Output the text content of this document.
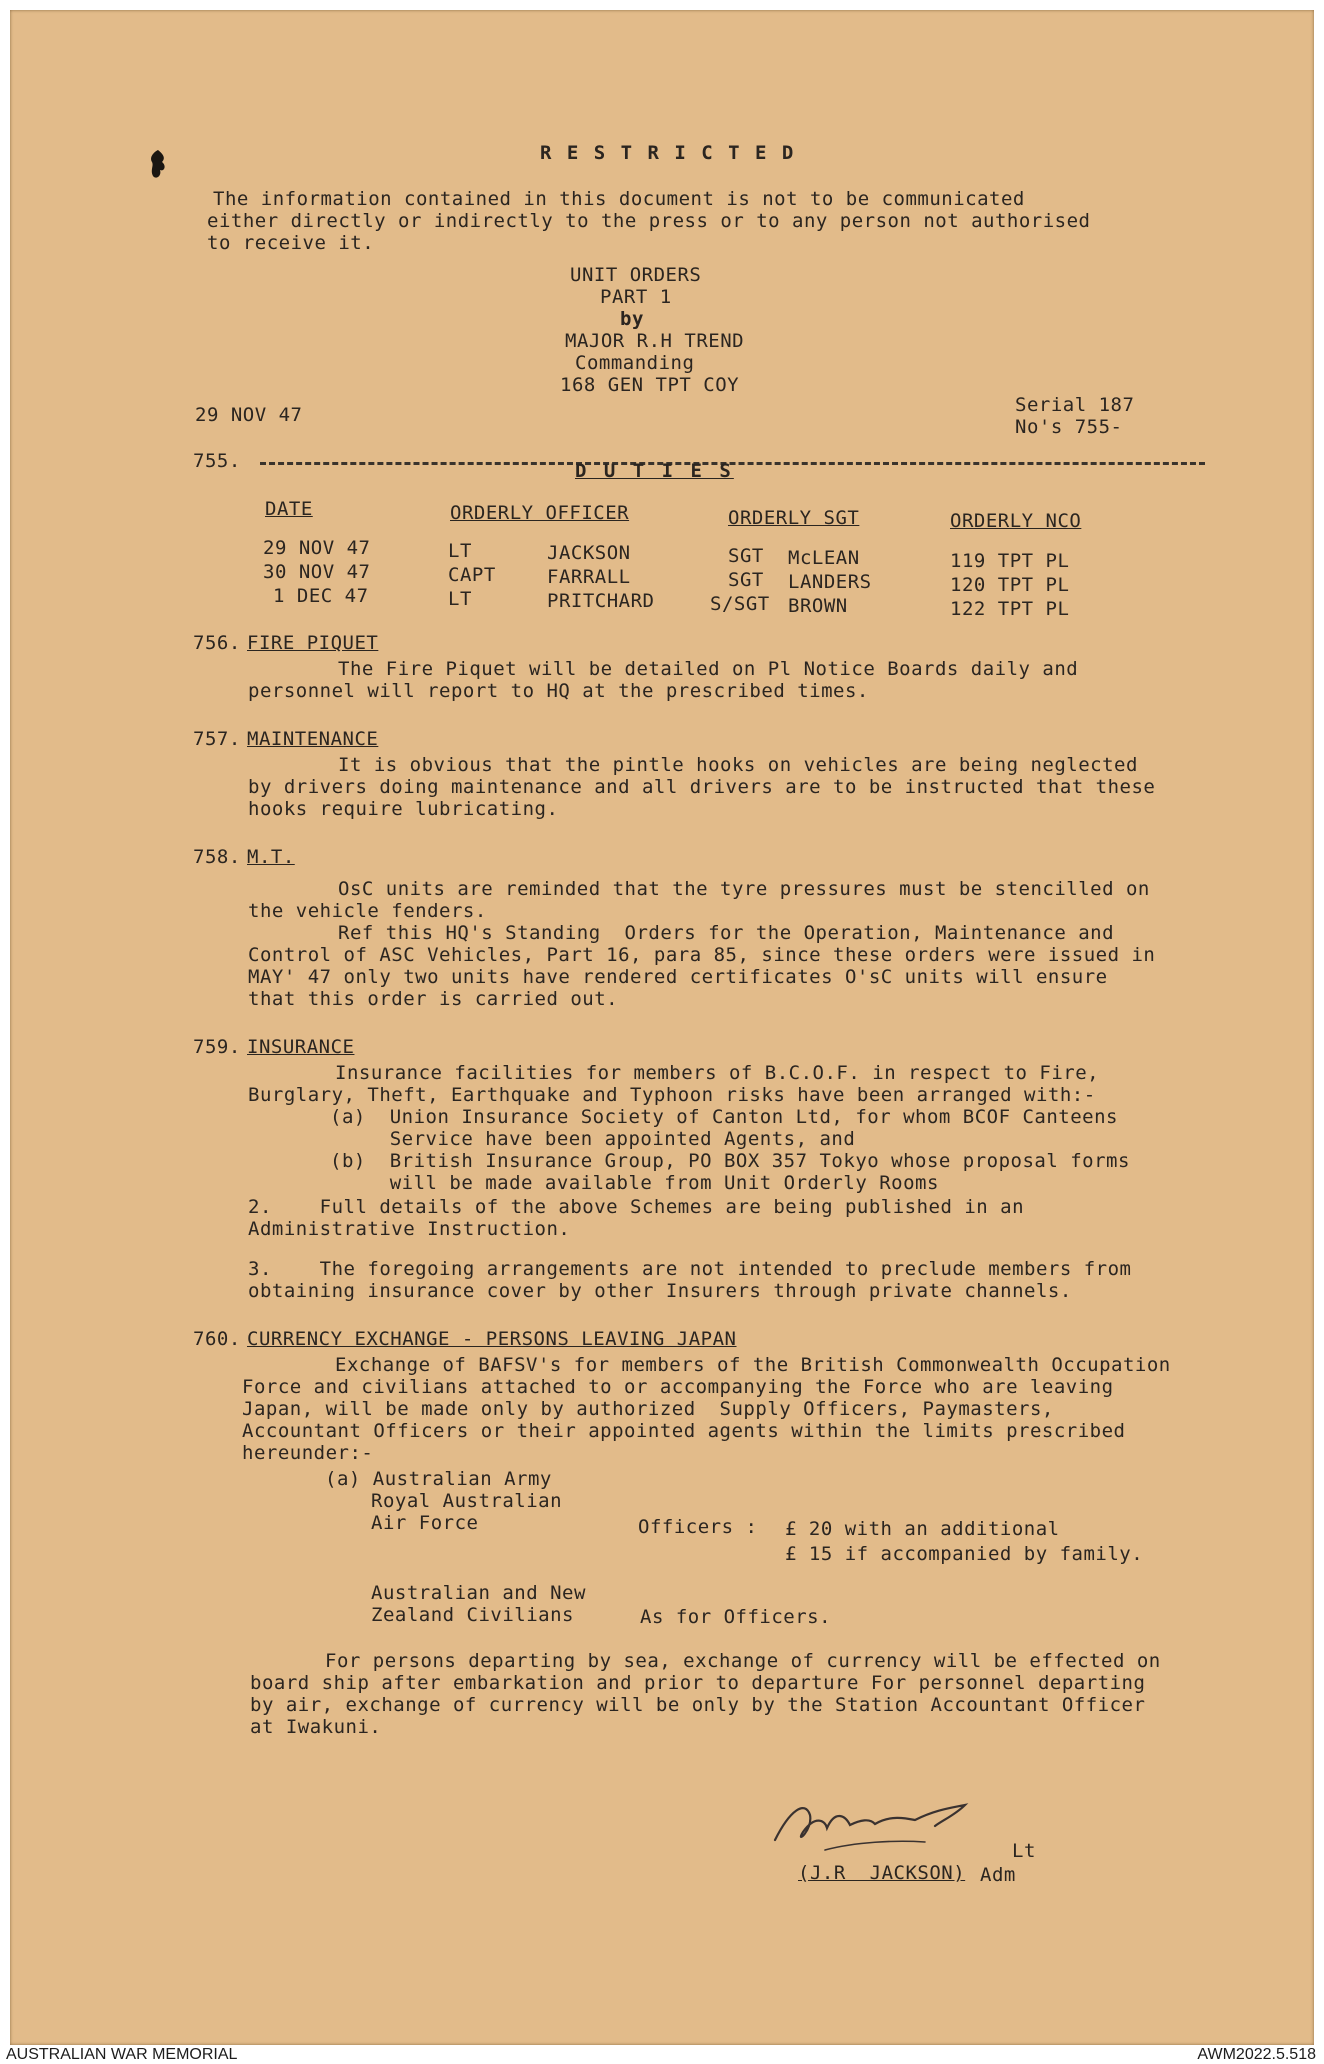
R E S T R I C T E D
The information contained in this document is not to be communicated
either directly or indirectly to the press or to any person not authorised
to receive it.
UNIT ORDERS
PART 1
by
MAJOR R.H TREND
Commanding
168 GEN TPT COY
29 NOV 47	Serial 187
No's 755-
755.	D U T I E S
DATE	ORDERLY OFFICER	ORDERLY SGT	ORDERLY NCO
29 NOV 47	LT	JACKSON	SGT McLEAN	119 TPT PL
30 NOV 47	CAPT	FARRALL	SGT LANDERS	120 TPT PL
1 DEC 47	LT	PRITCHARD	S/SGT BROWN	122 TPT PL
756. FIRE PIQUET
The Fire Piquet will be detailed on Pl Notice Boards daily and
personnel will report to HQ at the prescribed times.
757. MAINTENANCE
It is obvious that the pintle hooks on vehicles are being neglected
by drivers doing maintenance and all drivers are to be instructed that these
hooks require lubricating.
758. M.T.
OsC units are reminded that the tyre pressures must be stencilled on
the vehicle fenders.
Ref this HQ's Standing  Orders for the Operation, Maintenance and
Control of ASC Vehicles, Part 16, para 85, since these orders were issued in
MAY' 47 only two units have rendered certificates O'sC units will ensure
that this order is carried out.
759. INSURANCE
Insurance facilities for members of B.C.O.F. in respect to Fire,
Burglary, Theft, Earthquake and Typhoon risks have been arranged with:-
(a)  Union Insurance Society of Canton Ltd, for whom BCOF Canteens
Service have been appointed Agents, and
(b)  British Insurance Group, PO BOX 357 Tokyo whose proposal forms
will be made available from Unit Orderly Rooms
2.    Full details of the above Schemes are being published in an
Administrative Instruction.
3.    The foregoing arrangements are not intended to preclude members from
obtaining insurance cover by other Insurers through private channels.
760. CURRENCY EXCHANGE - PERSONS LEAVING JAPAN
Exchange of BAFSV's for members of the British Commonwealth Occupation
Force and civilians attached to or accompanying the Force who are leaving
Japan, will be made only by authorized  Supply Officers, Paymasters,
Accountant Officers or their appointed agents within the limits prescribed
hereunder:-
(a) Australian Army
Royal Australian
Air Force	Officers : £ 20 with an additional
£ 15 if accompanied by family.
Australian and New
Zealand Civilians	As for Officers.
For persons departing by sea, exchange of currency will be effected on
board ship after embarkation and prior to departure For personnel departing
by air, exchange of currency will be only by the Station Accountant Officer
at Iwakuni.
Lt
(J.R  JACKSON) Adm
AUSTRALIAN WAR MEMORIAL	AWM2022.5.518
